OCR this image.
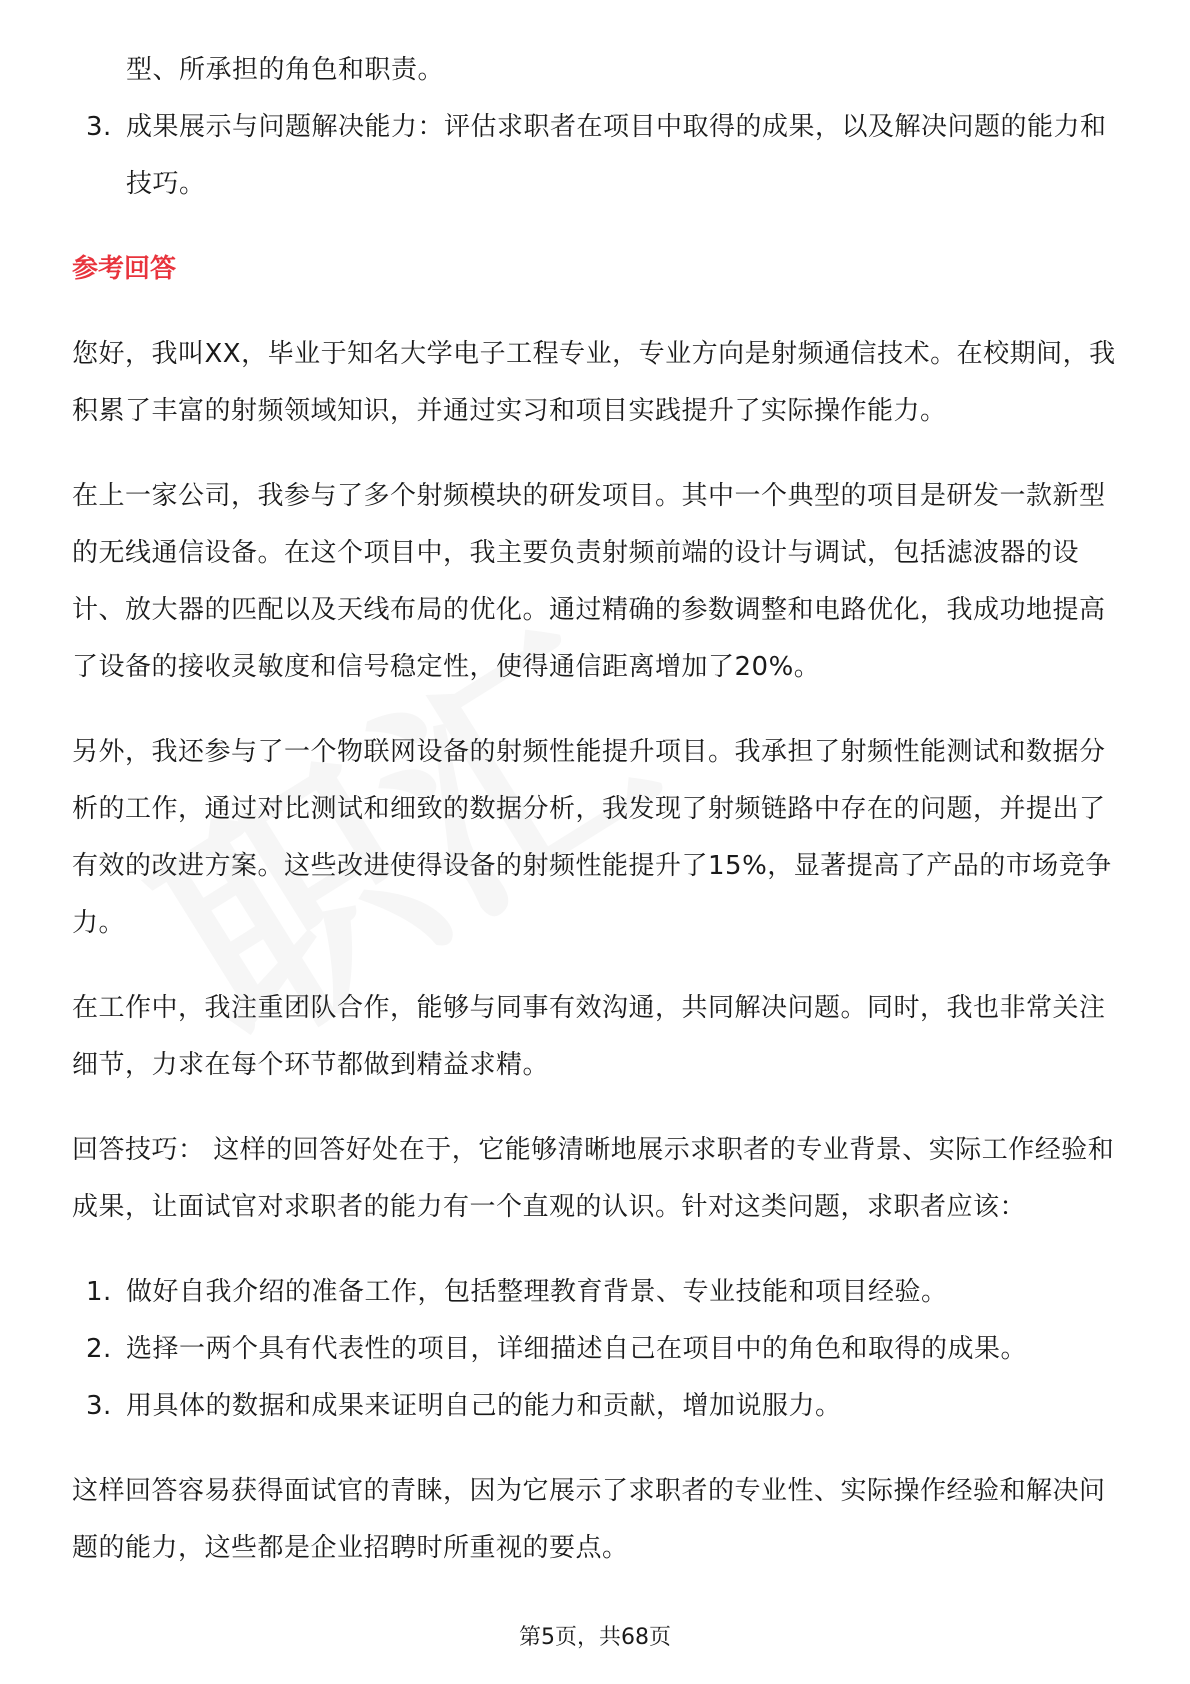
型、所承担的角色和职责。

3. 成果展示与问题解决能力：评估求职者在项目中取得的成果，以及解决问题的能力和技巧。
参考回答

您好，我叫XX，毕业于知名大学电子工程专业，专业方向是射频通信技术。在校期间，我积累了丰富的射频领域知识，并通过实习和项目实践提升了实际操作能力。

在上一家公司，我参与了多个射频模块的研发项目。其中一个典型的项目是研发一款新型的无线通信设备。在这个项目中，我主要负责射频前端的设计与调试，包括滤波器的设计、放大器的匹配以及天线布局的优化。通过精确的参数调整和电路优化，我成功地提高了设备的接收灵敏度和信号稳定性，使得通信距离增加了20%。

另外，我还参与了一个物联网设备的射频性能提升项目。我承担了射频性能测试和数据分析的工作，通过对比测试和细致的数据分析，我发现了射频链路中存在的问题，并提出了有效的改进方案。这些改进使得设备的射频性能提升了15%，显著提高了产品的市场竞争力。

在工作中，我注重团队合作，能够与同事有效沟通，共同解决问题。同时，我也非常关注细节，力求在每个环节都做到精益求精。

回答技巧： 这样的回答好处在于，它能够清晰地展示求职者的专业背景、实际工作经验和成果，让面试官对求职者的能力有一个直观的认识。针对这类问题，求职者应该：

1. 做好自我介绍的准备工作，包括整理教育背景、专业技能和项目经验。
2. 选择一两个具有代表性的项目，详细描述自己在项目中的角色和取得的成果。
3. 用具体的数据和成果来证明自己的能力和贡献，增加说服力。

这样回答容易获得面试官的青睐，因为它展示了求职者的专业性、实际操作经验和解决问题的能力，这些都是企业招聘时所重视的要点。

第5页，共68页
